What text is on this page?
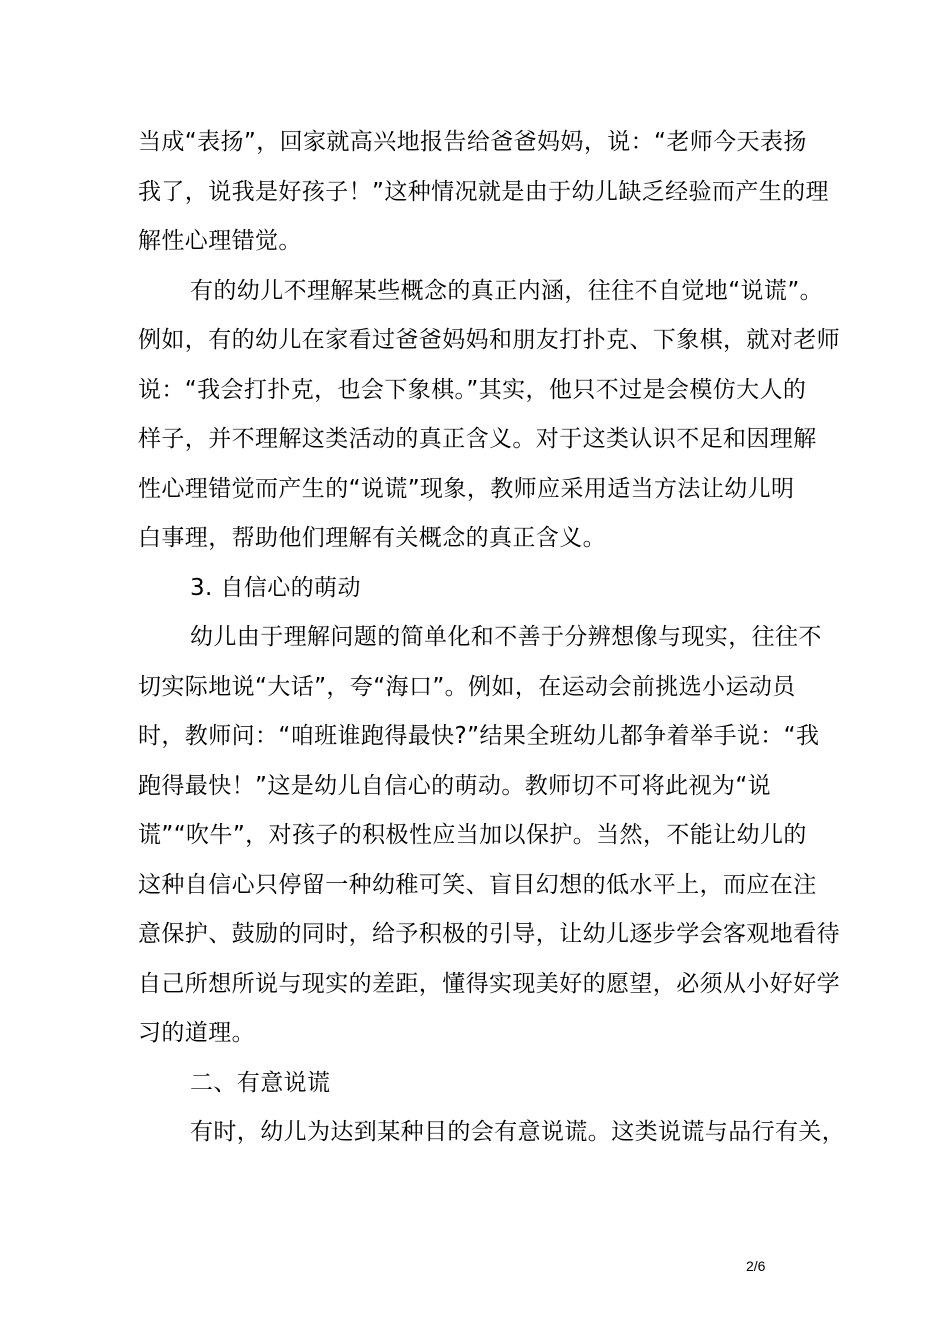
当成“表扬”，回家就高兴地报告给爸爸妈妈，说：“老师今天表扬
我了，说我是好孩子！”这种情况就是由于幼儿缺乏经验而产生的理
解性心理错觉。
有的幼儿不理解某些概念的真正内涵，往往不自觉地“说谎”。
例如，有的幼儿在家看过爸爸妈妈和朋友打扑克、下象棋，就对老师
说：“我会打扑克，也会下象棋。”其实，他只不过是会模仿大人的
样子，并不理解这类活动的真正含义。对于这类认识不足和因理解
性心理错觉而产生的“说谎”现象，教师应采用适当方法让幼儿明
白事理，帮助他们理解有关概念的真正含义。
3. 自信心的萌动
幼儿由于理解问题的简单化和不善于分辨想像与现实，往往不
切实际地说“大话”，夸“海口”。例如，在运动会前挑选小运动员
时，教师问：“咱班谁跑得最快?”结果全班幼儿都争着举手说：“我
跑得最快！”这是幼儿自信心的萌动。教师切不可将此视为“说
谎”“吹牛”，对孩子的积极性应当加以保护。当然，不能让幼儿的
这种自信心只停留一种幼稚可笑、盲目幻想的低水平上，而应在注
意保护、鼓励的同时，给予积极的引导，让幼儿逐步学会客观地看待
自己所想所说与现实的差距，懂得实现美好的愿望，必须从小好好学
习的道理。
二、有意说谎
有时，幼儿为达到某种目的会有意说谎。这类说谎与品行有关，
2/6
